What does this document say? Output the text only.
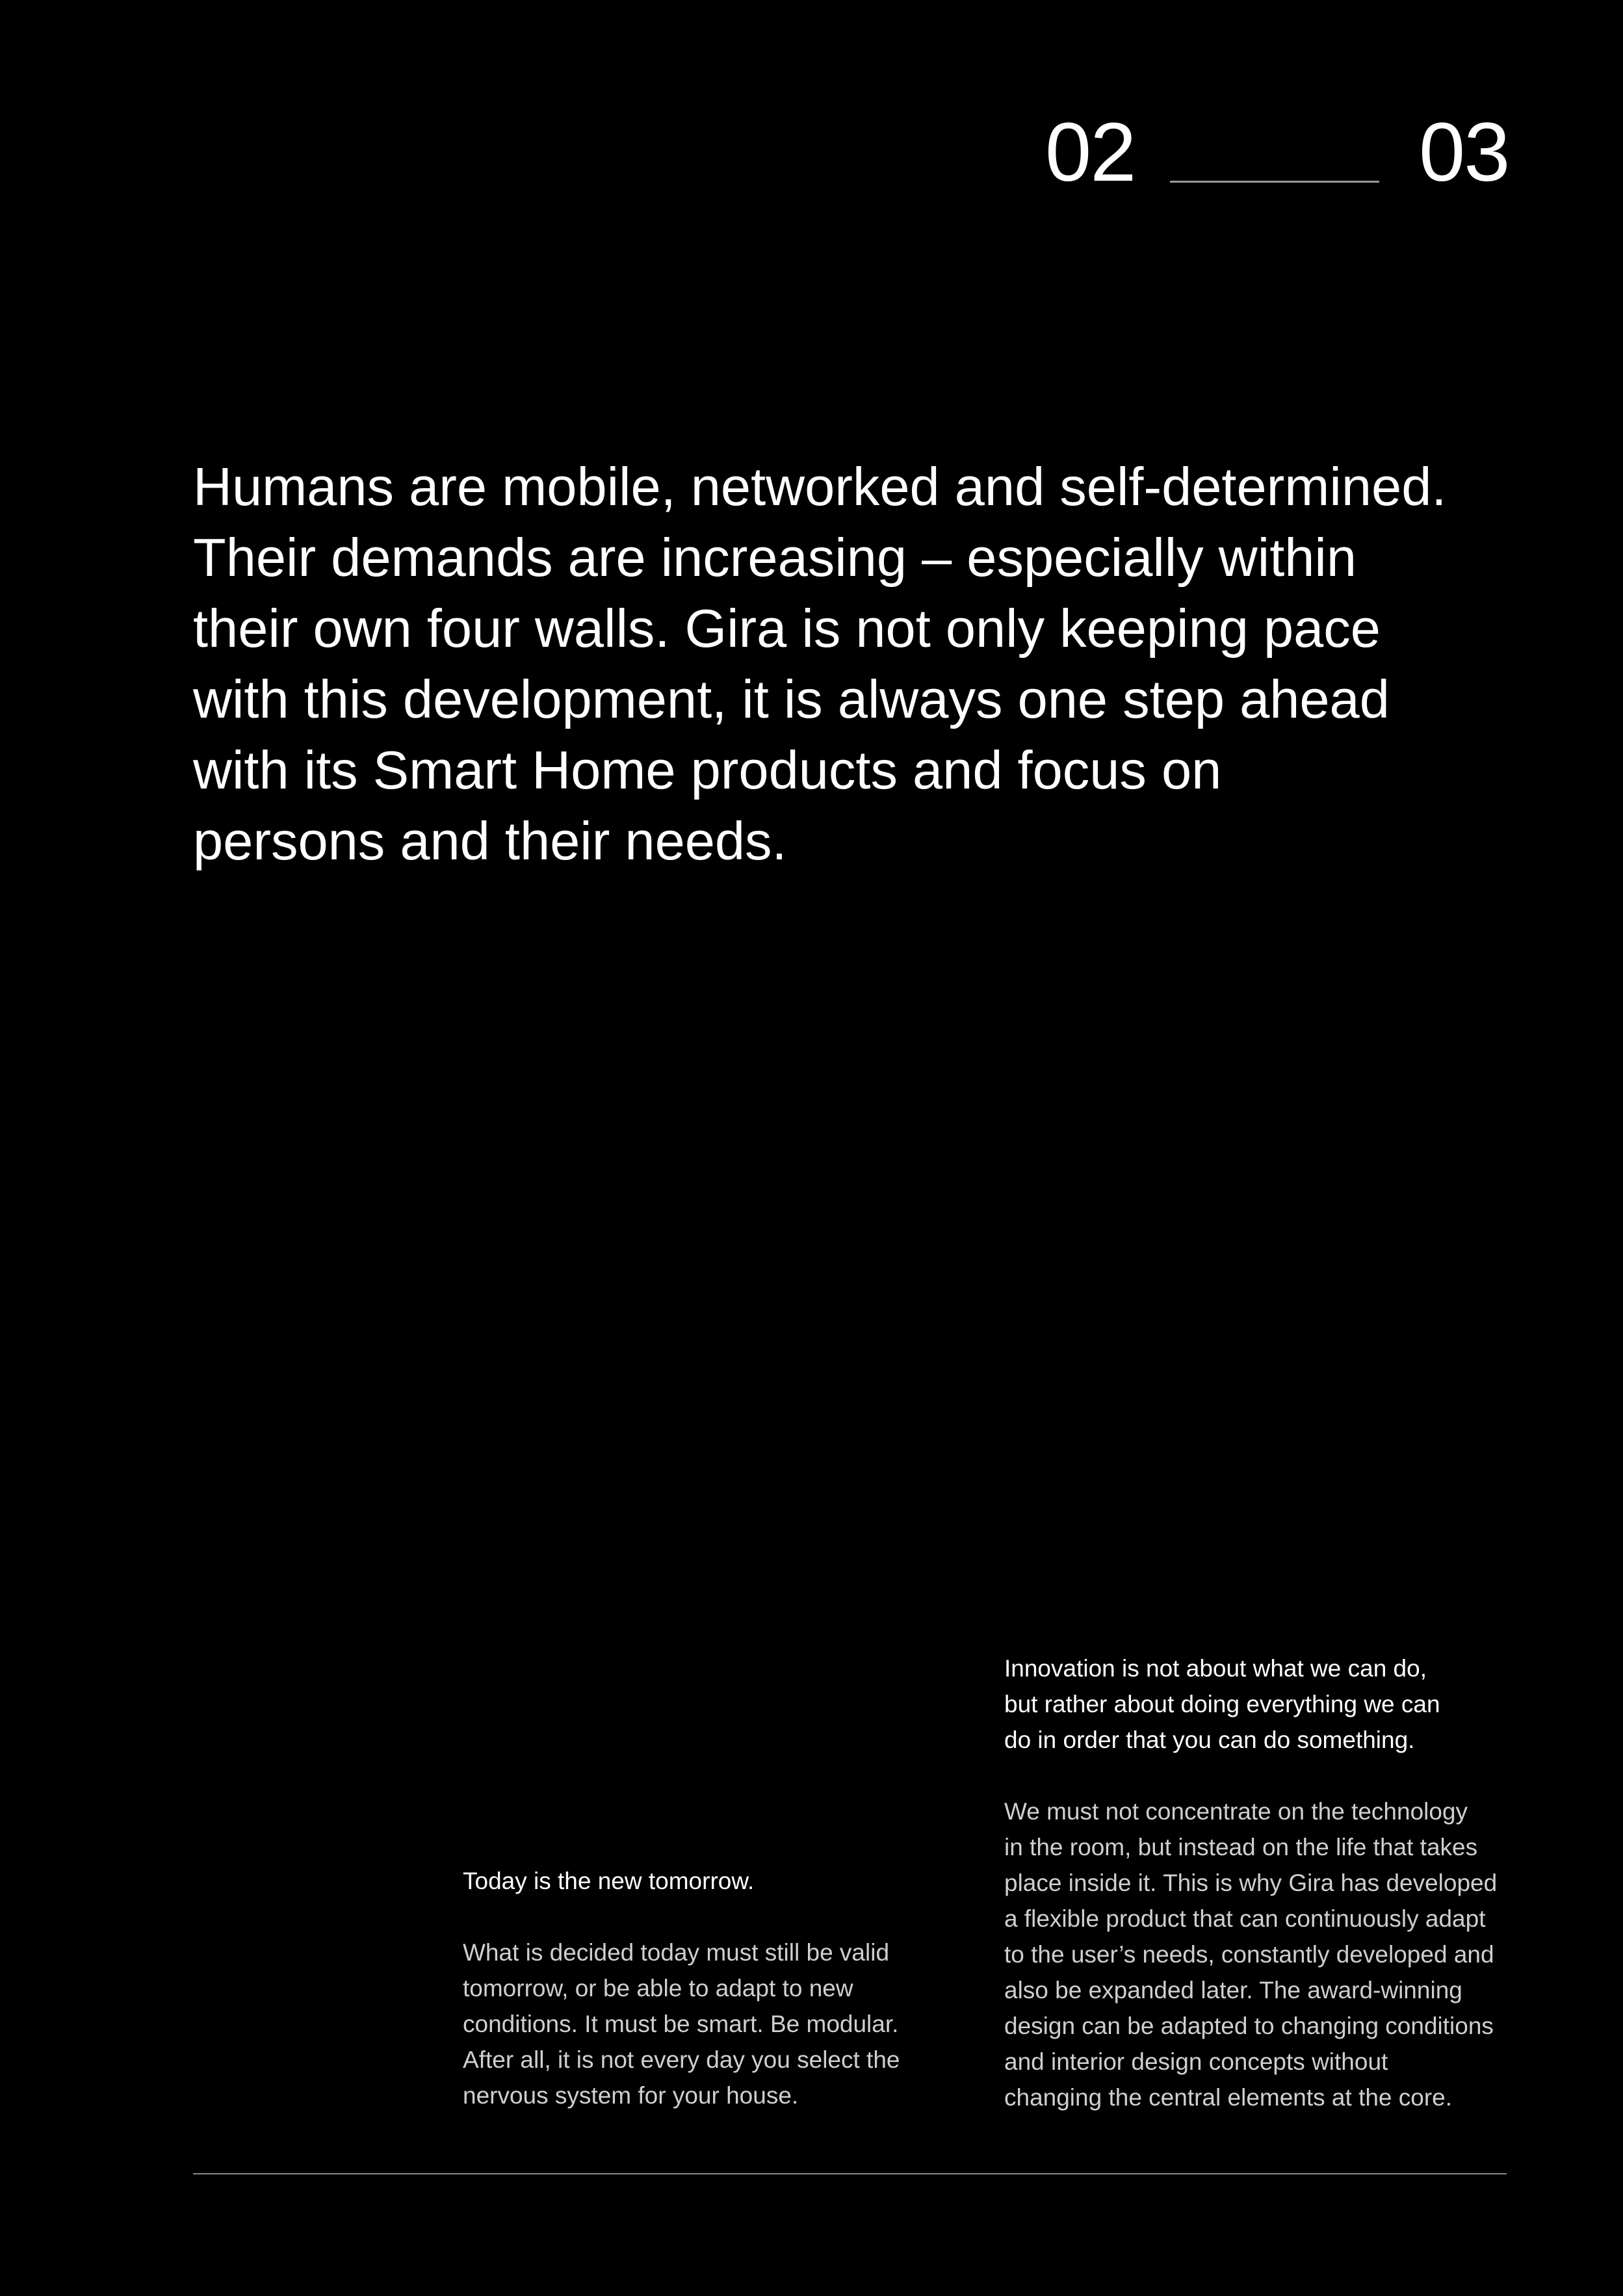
02	03
Humans are mobile, networked and self-determined.
Their demands are increasing – especially within
their own four walls. Gira is not only keeping pace
with this development, it is always one step ahead
with its Smart Home products and focus on
persons and their needs.
Today is the new tomorrow.

What is decided today must still be valid
tomorrow, or be able to adapt to new
conditions. It must be smart. Be modular.
After all, it is not every day you select the
nervous system for your house.

Innovation is not about what we can do,
but rather about doing everything we can
do in order that you can do something.

We must not concentrate on the technology
in the room, but instead on the life that takes
place inside it. This is why Gira has developed
a flexible product that can continuously adapt
to the user’s needs, constantly developed and
also be expanded later. The award-winning
design can be adapted to changing conditions
and interior design concepts without
changing the central elements at the core.
